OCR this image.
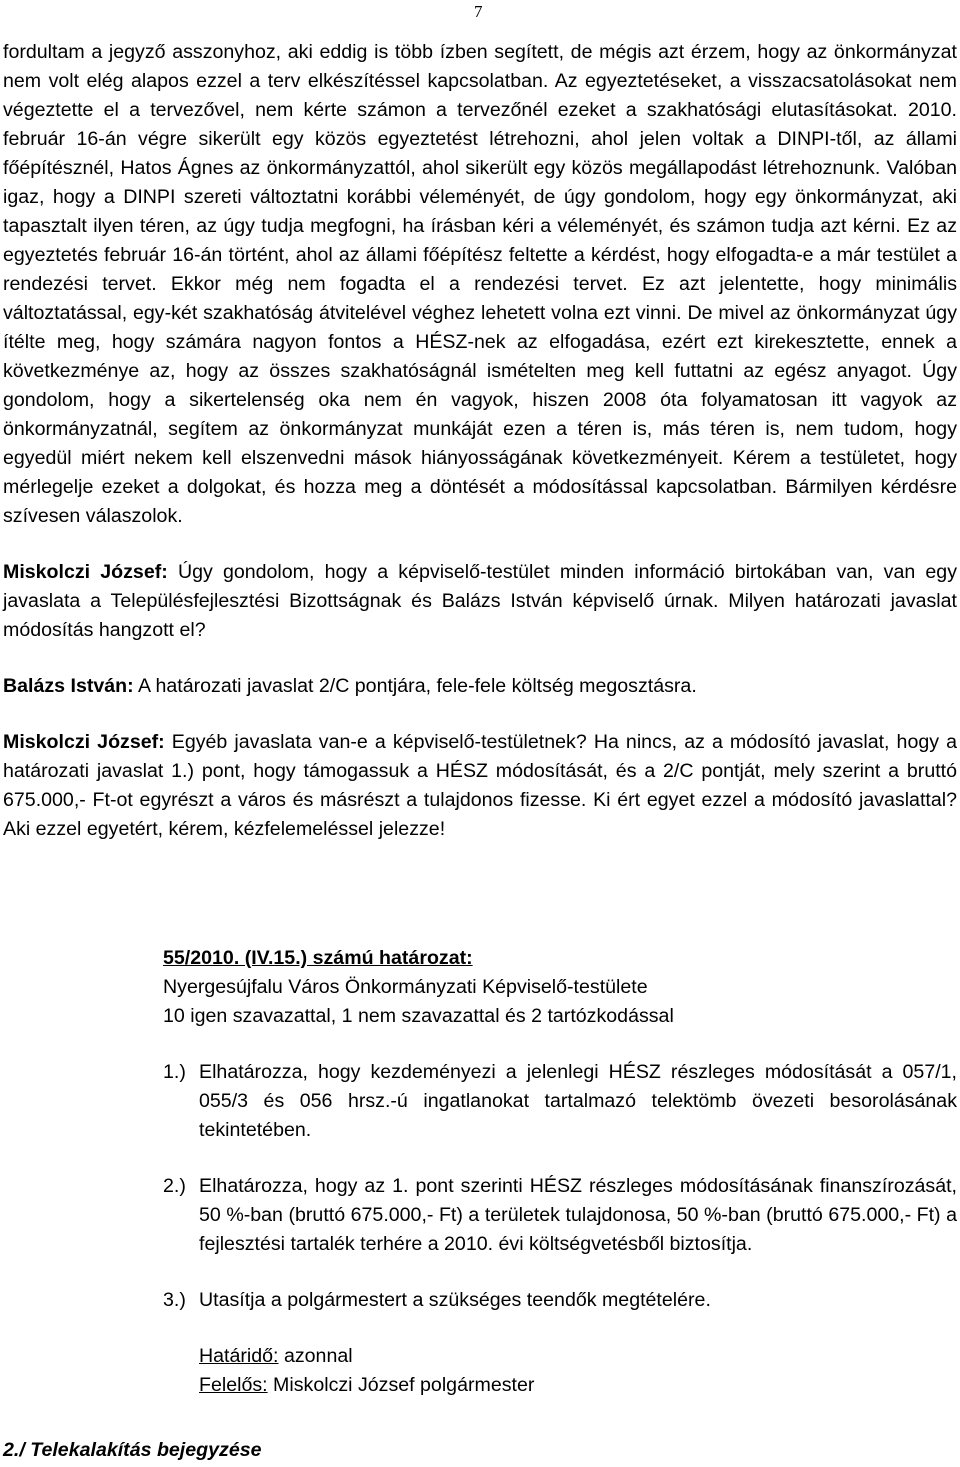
7

fordultam a jegyző asszonyhoz, aki eddig is több ízben segített, de mégis azt érzem, hogy az önkormányzat nem volt elég alapos ezzel a terv elkészítéssel kapcsolatban. Az egyeztetéseket, a visszacsatolásokat nem végeztette el a tervezővel, nem kérte számon a tervezőnél ezeket a szakhatósági elutasításokat. 2010. február 16-án végre sikerült egy közös egyeztetést létrehozni, ahol jelen voltak a DINPI-től, az állami főépítésznél, Hatos Ágnes az önkormányzattól, ahol sikerült egy közös megállapodást létrehoznunk. Valóban igaz, hogy a DINPI szereti változtatni korábbi véleményét, de úgy gondolom, hogy egy önkormányzat, aki tapasztalt ilyen téren, az úgy tudja megfogni, ha írásban kéri a véleményét, és számon tudja azt kérni. Ez az egyeztetés február 16-án történt, ahol az állami főépítész feltette a kérdést, hogy elfogadta-e a már testület a rendezési tervet. Ekkor még nem fogadta el a rendezési tervet. Ez azt jelentette, hogy minimális változtatással, egy-két szakhatóság átvitelével véghez lehetett volna ezt vinni. De mivel az önkormányzat úgy ítélte meg, hogy számára nagyon fontos a HÉSZ-nek az elfogadása, ezért ezt kirekesztette, ennek a következménye az, hogy az összes szakhatóságnál ismételten meg kell futtatni az egész anyagot. Úgy gondolom, hogy a sikertelenség oka nem én vagyok, hiszen 2008 óta folyamatosan itt vagyok az önkormányzatnál, segítem az önkormányzat munkáját ezen a téren is, más téren is, nem tudom, hogy egyedül miért nekem kell elszenvedni mások hiányosságának következményeit. Kérem a testületet, hogy mérlegelje ezeket a dolgokat, és hozza meg a döntését a módosítással kapcsolatban. Bármilyen kérdésre szívesen válaszolok.

Miskolczi József: Úgy gondolom, hogy a képviselő-testület minden információ birtokában van, van egy javaslata a Településfejlesztési Bizottságnak és Balázs István képviselő úrnak. Milyen határozati javaslat módosítás hangzott el?

Balázs István: A határozati javaslat 2/C pontjára, fele-fele költség megosztásra.

Miskolczi József: Egyéb javaslata van-e a képviselő-testületnek? Ha nincs, az a módosító javaslat, hogy a határozati javaslat 1.) pont, hogy támogassuk a HÉSZ módosítását, és a 2/C pontját, mely szerint a bruttó 675.000,- Ft-ot egyrészt a város és másrészt a tulajdonos fizesse. Ki ért egyet ezzel a módosító javaslattal? Aki ezzel egyetért, kérem, kézfelemeléssel jelezze!

55/2010. (IV.15.) számú határozat:

Nyergesújfalu Város Önkormányzati Képviselő-testülete

10 igen szavazattal, 1 nem szavazattal és 2 tartózkodással

1.) Elhatározza, hogy kezdeményezi a jelenlegi HÉSZ részleges módosítását a 057/1, 055/3 és 056 hrsz.-ú ingatlanokat tartalmazó telektömb övezeti besorolásának tekintetében.

2.) Elhatározza, hogy az 1. pont szerinti HÉSZ részleges módosításának finanszírozását, 50 %-ban (bruttó 675.000,- Ft) a területek tulajdonosa, 50 %-ban (bruttó 675.000,- Ft) a fejlesztési tartalék terhére a 2010. évi költségvetésből biztosítja.

3.) Utasítja a polgármestert a szükséges teendők megtételére.

Határidő: azonnal

Felelős: Miskolczi József polgármester

2./ Telekalakítás bejegyzése
